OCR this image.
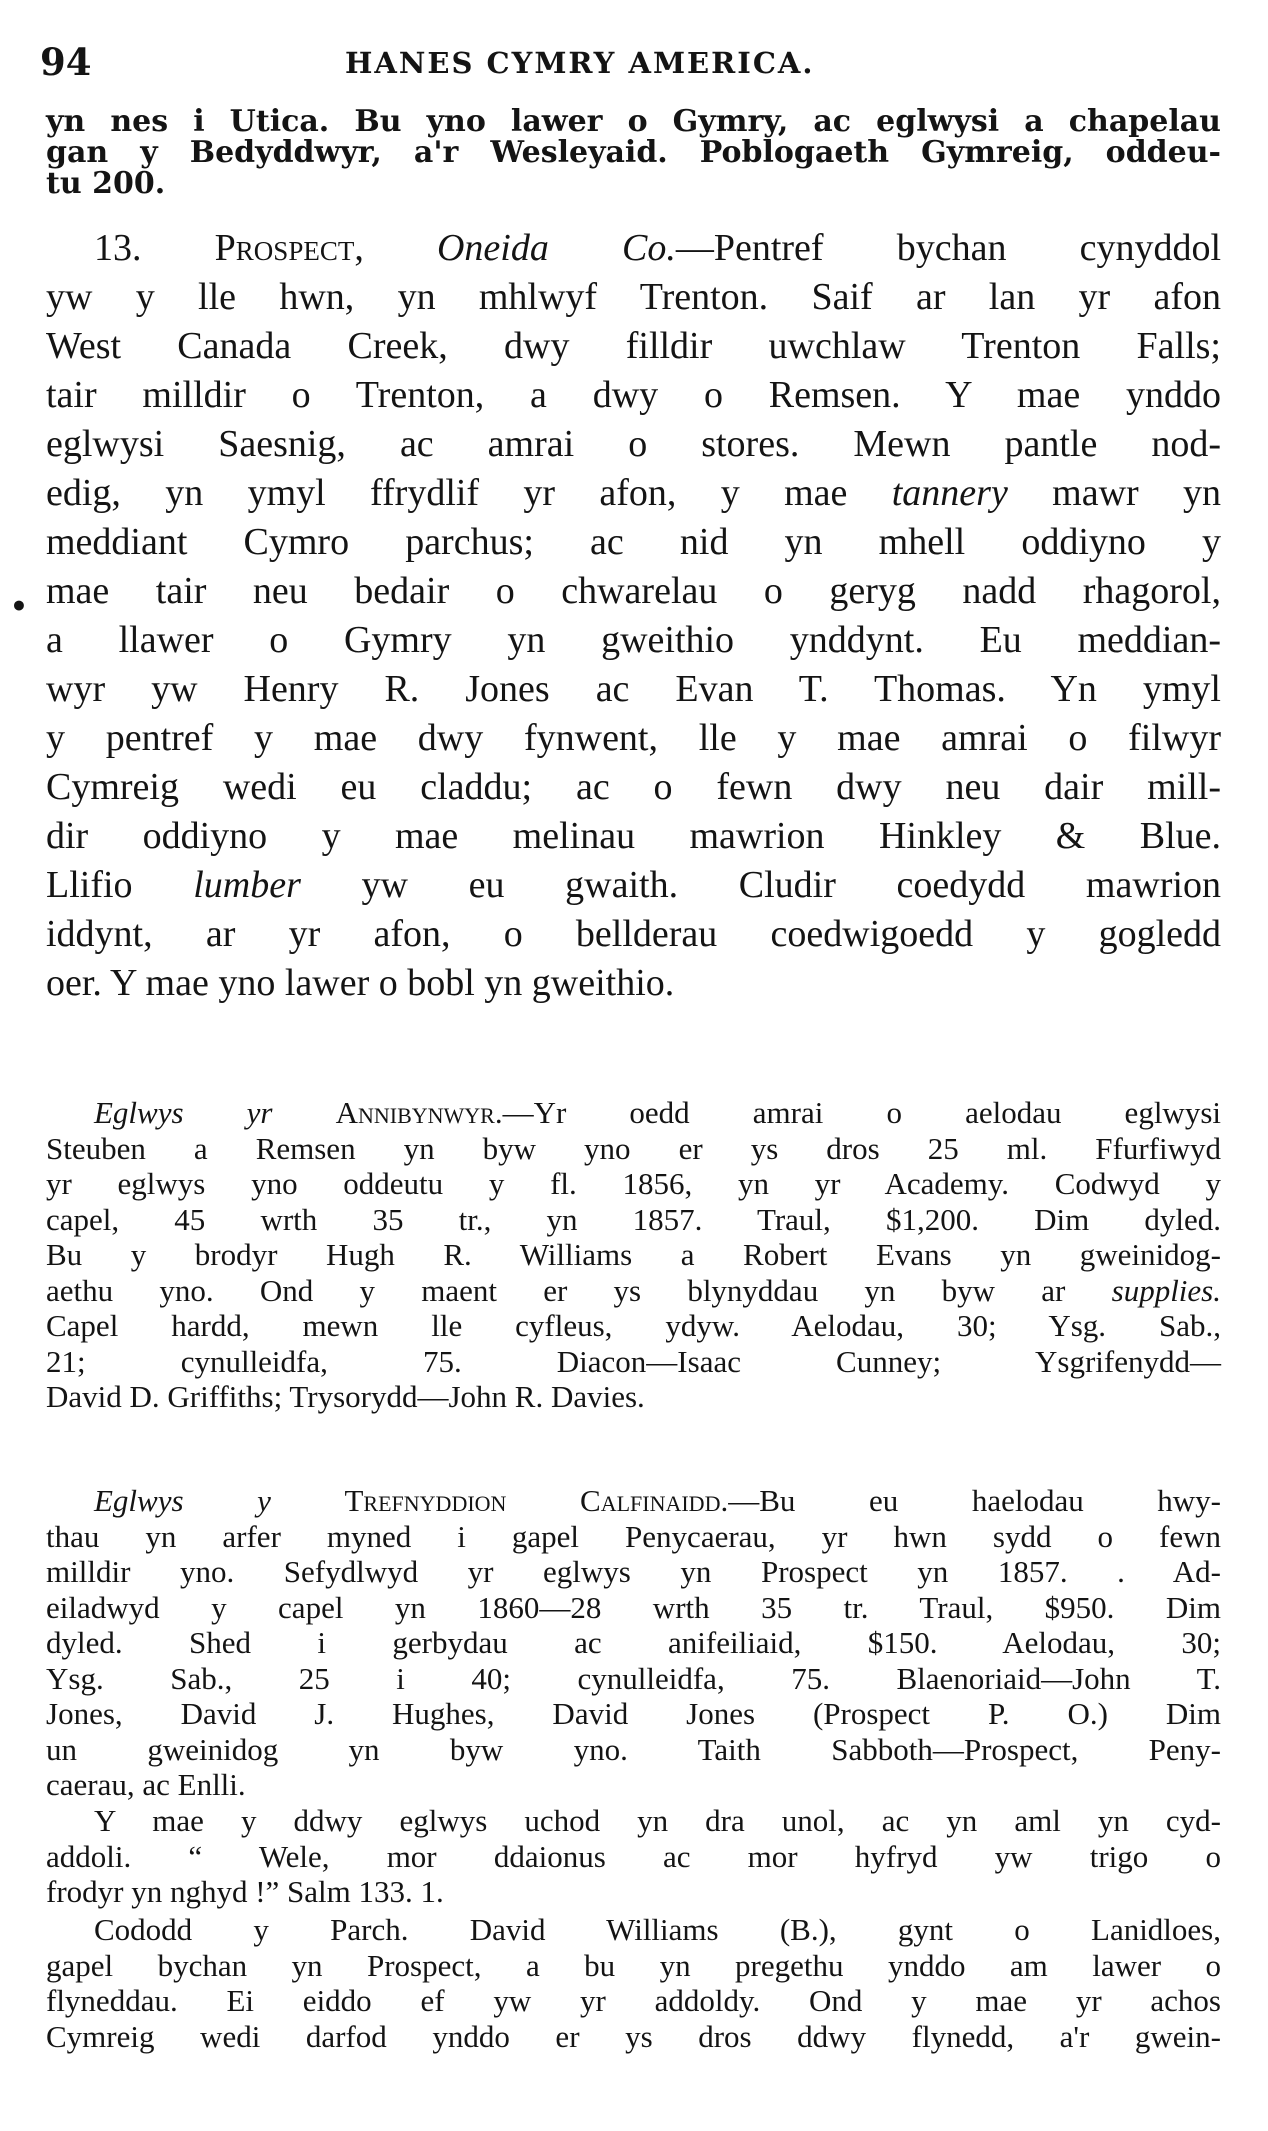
94	HANES CYMRY AMERICA.
•
yn nes i Utica. Bu yno lawer o Gymry, ac eglwysi a chapelau
gan y Bedyddwyr, a'r Wesleyaid. Poblogaeth Gymreig, oddeu-
tu 200.
13. Prospect, Oneida Co.—Pentref bychan cynyddol
yw y lle hwn, yn mhlwyf Trenton. Saif ar lan yr afon
West Canada Creek, dwy filldir uwchlaw Trenton Falls;
tair milldir o Trenton, a dwy o Remsen. Y mae ynddo
eglwysi Saesnig, ac amrai o stores. Mewn pantle nod-
edig, yn ymyl ffrydlif yr afon, y mae tannery mawr yn
meddiant Cymro parchus; ac nid yn mhell oddiyno y
mae tair neu bedair o chwarelau o geryg nadd rhagorol,
a llawer o Gymry yn gweithio ynddynt. Eu meddian-
wyr yw Henry R. Jones ac Evan T. Thomas. Yn ymyl
y pentref y mae dwy fynwent, lle y mae amrai o filwyr
Cymreig wedi eu claddu; ac o fewn dwy neu dair mill-
dir oddiyno y mae melinau mawrion Hinkley & Blue.
Llifio lumber yw eu gwaith. Cludir coedydd mawrion
iddynt, ar yr afon, o bellderau coedwigoedd y gogledd
oer. Y mae yno lawer o bobl yn gweithio.
Eglwys yr Annibynwyr.—Yr oedd amrai o aelodau eglwysi
Steuben a Remsen yn byw yno er ys dros 25 ml. Ffurfiwyd
yr eglwys yno oddeutu y fl. 1856, yn yr Academy. Codwyd y
capel, 45 wrth 35 tr., yn 1857. Traul, $1,200. Dim dyled.
Bu y brodyr Hugh R. Williams a Robert Evans yn gweinidog-
aethu yno. Ond y maent er ys blynyddau yn byw ar supplies.
Capel hardd, mewn lle cyfleus, ydyw. Aelodau, 30; Ysg. Sab.,
21; cynulleidfa, 75. Diacon—Isaac Cunney; Ysgrifenydd—
David D. Griffiths; Trysorydd—John R. Davies.
Eglwys y Trefnyddion Calfinaidd.—Bu eu haelodau hwy-
thau yn arfer myned i gapel Penycaerau, yr hwn sydd o fewn
milldir yno. Sefydlwyd yr eglwys yn Prospect yn 1857. . Ad-
eiladwyd y capel yn 1860—28 wrth 35 tr. Traul, $950. Dim
dyled. Shed i gerbydau ac anifeiliaid, $150. Aelodau, 30;
Ysg. Sab., 25 i 40; cynulleidfa, 75. Blaenoriaid—John T.
Jones, David J. Hughes, David Jones (Prospect P. O.) Dim
un gweinidog yn byw yno. Taith Sabboth—Prospect, Peny-
caerau, ac Enlli.
Y mae y ddwy eglwys uchod yn dra unol, ac yn aml yn cyd-
addoli. “ Wele, mor ddaionus ac mor hyfryd yw trigo o
frodyr yn nghyd !” Salm 133. 1.
Cododd y Parch. David Williams (B.), gynt o Lanidloes,
gapel bychan yn Prospect, a bu yn pregethu ynddo am lawer o
flyneddau. Ei eiddo ef yw yr addoldy. Ond y mae yr achos
Cymreig wedi darfod ynddo er ys dros ddwy flynedd, a'r gwein-
